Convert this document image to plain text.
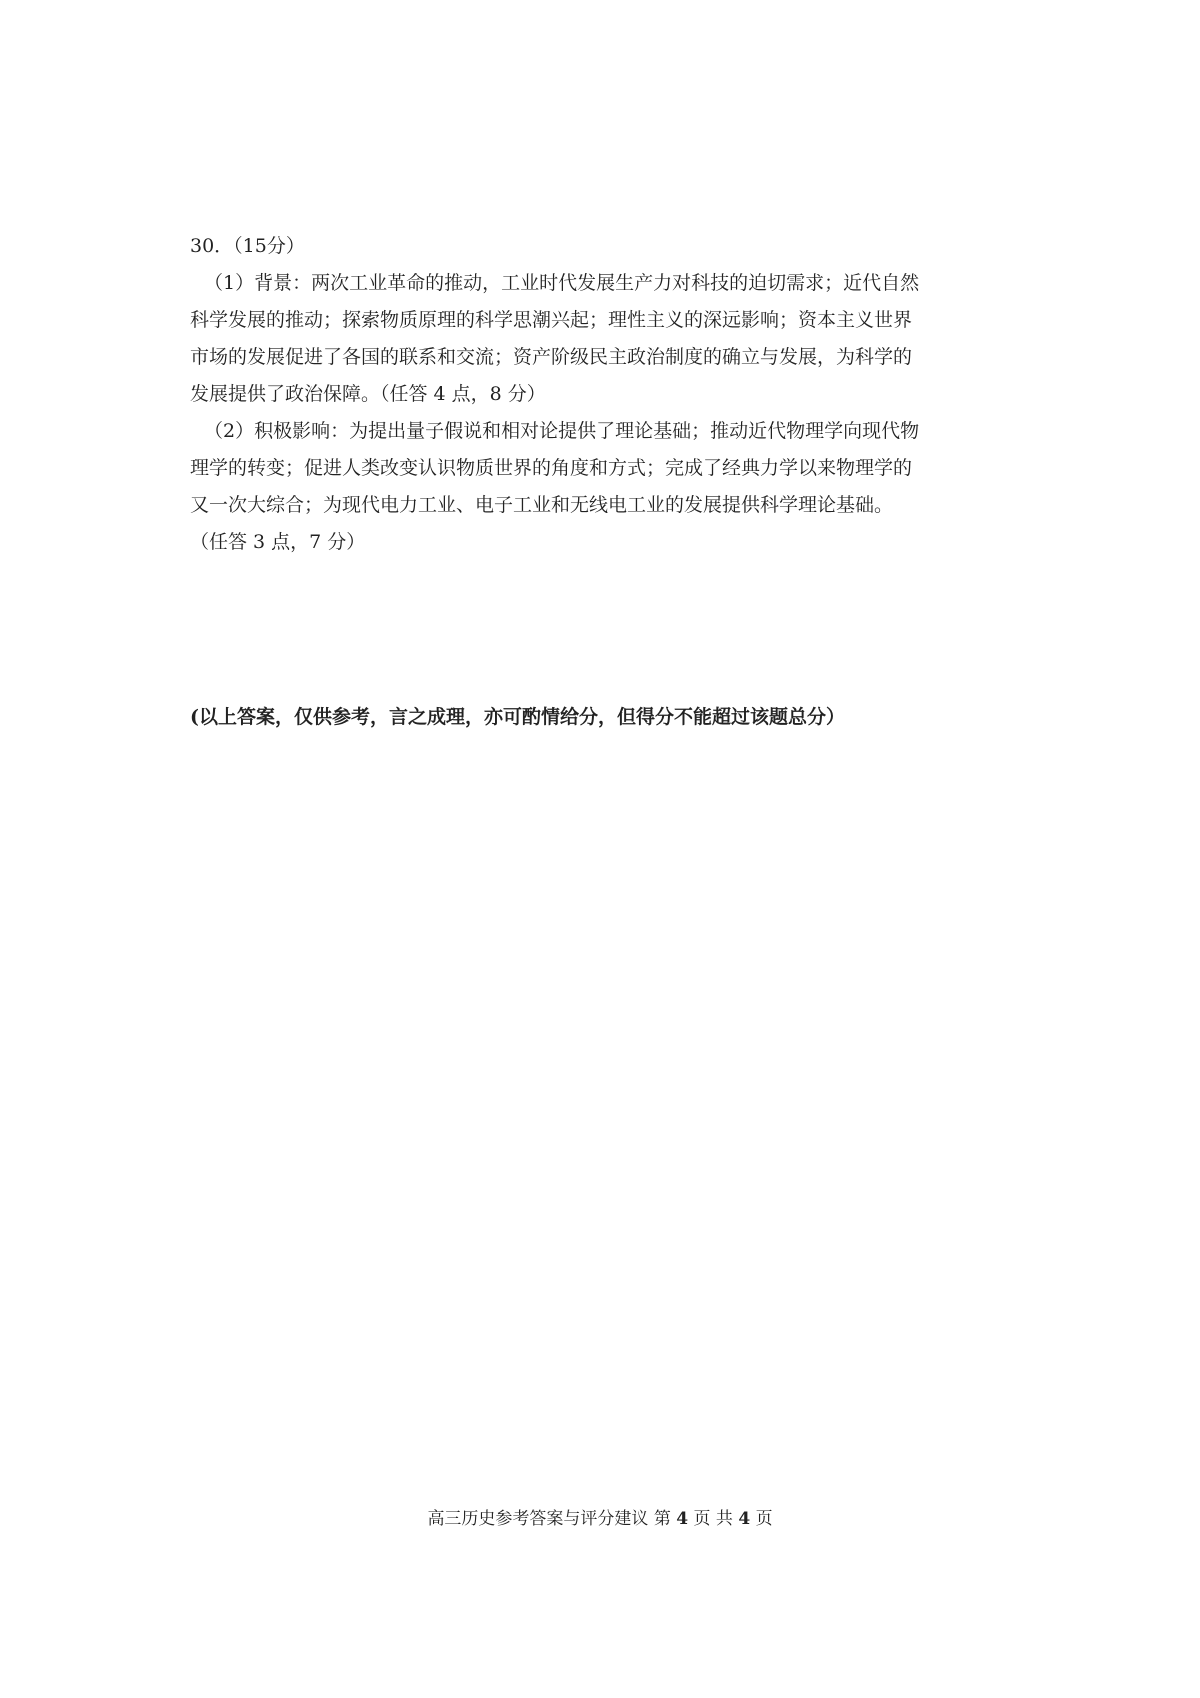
30．（15分）
（1）背景：两次工业革命的推动，工业时代发展生产力对科技的迫切需求；近代自然
科学发展的推动；探索物质原理的科学思潮兴起；理性主义的深远影响；资本主义世界
市场的发展促进了各国的联系和交流；资产阶级民主政治制度的确立与发展，为科学的
发展提供了政治保障。（任答 4 点，8 分）
（2）积极影响：为提出量子假说和相对论提供了理论基础；推动近代物理学向现代物
理学的转变；促进人类改变认识物质世界的角度和方式；完成了经典力学以来物理学的
又一次大综合；为现代电力工业、电子工业和无线电工业的发展提供科学理论基础。
（任答 3 点，7 分）
(以上答案，仅供参考，言之成理，亦可酌情给分，但得分不能超过该题总分）
高三历史参考答案与评分建议 第 4 页 共 4 页
